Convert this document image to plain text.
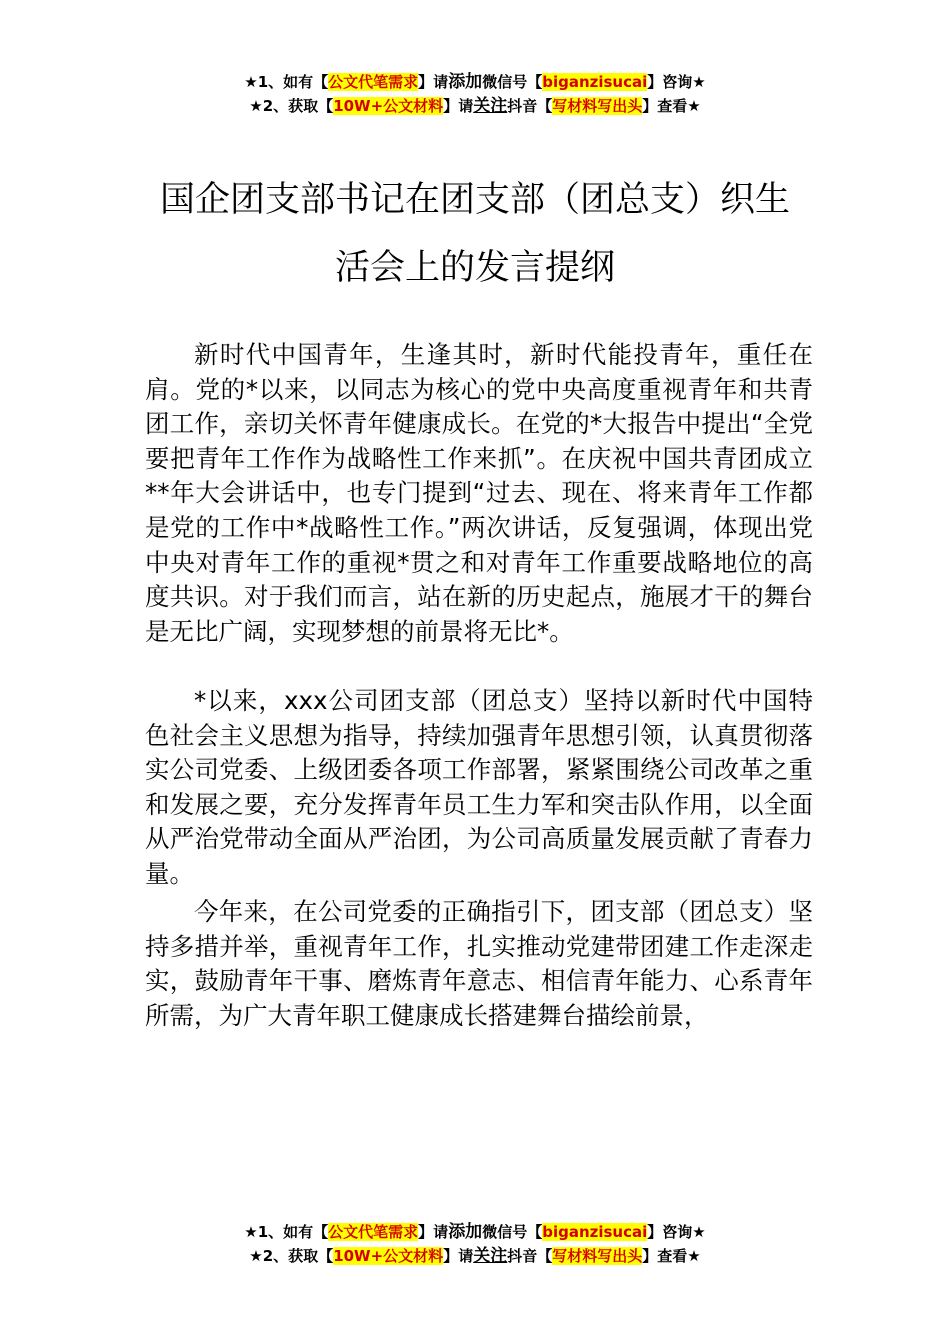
★1、如有【公文代笔需求】请添加微信号【biganzisucai】咨询★
★2、获取【10W+公文材料】请关注抖音【写材料写出头】查看★
国企团支部书记在团支部（团总支）织生
活会上的发言提纲

新时代中国青年，生逢其时，新时代能投青年，重任在肩。党的*以来，以同志为核心的党中央高度重视青年和共青团工作，亲切关怀青年健康成长。在党的*大报告中提出“全党要把青年工作作为战略性工作来抓”。在庆祝中国共青团成立**年大会讲话中，也专门提到“过去、现在、将来青年工作都是党的工作中*战略性工作。”两次讲话，反复强调，体现出党中央对青年工作的重视*贯之和对青年工作重要战略地位的高度共识。对于我们而言，站在新的历史起点，施展才干的舞台是无比广阔，实现梦想的前景将无比*。

*以来，xxx公司团支部（团总支）坚持以新时代中国特色社会主义思想为指导，持续加强青年思想引领，认真贯彻落实公司党委、上级团委各项工作部署，紧紧围绕公司改革之重和发展之要，充分发挥青年员工生力军和突击队作用，以全面从严治党带动全面从严治团，为公司高质量发展贡献了青春力量。

今年来，在公司党委的正确指引下，团支部（团总支）坚持多措并举，重视青年工作，扎实推动党建带团建工作走深走实，鼓励青年干事、磨炼青年意志、相信青年能力、心系青年所需，为广大青年职工健康成长搭建舞台描绘前景，

★1、如有【公文代笔需求】请添加微信号【biganzisucai】咨询★
★2、获取【10W+公文材料】请关注抖音【写材料写出头】查看★
